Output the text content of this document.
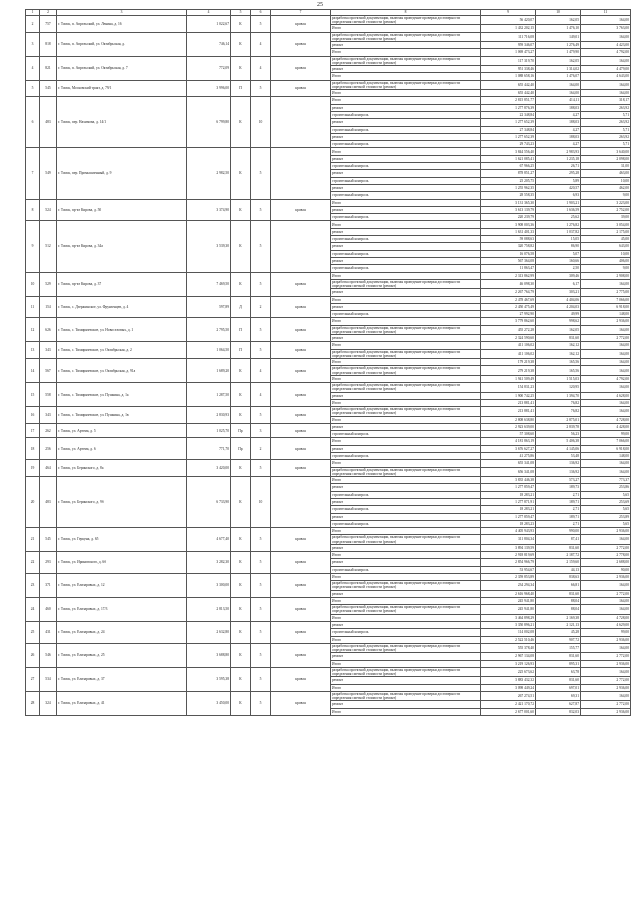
25
1	2	3	4	5	6	7	8	9	10	11
2	757	г. Томск, п. Апрельский, ул. Ленина, д. 16	1 022,67	К	5	кровля	разработка проектной документации, включая проведение проверки достоверности определения сметной стоимости (ремонт)	56 420,07	162,05	164,00
							Итого	1 432 202,15	1 476,10	3 763,00
3	818	г. Томск, п. Апрельский, ул. Октябрьская, д.	746,14	К	4	кровля	разработка проектной документации, включая проведение проверки достоверности определения сметной стоимости (ремонт)	111 716,08	149,01	164,00
							ремонт	959 346,07	1 276,49	4 423,00
							Итого	1 069 473,27	1 479,90	4 792,00
4	821	г. Томск, п. Апрельский, ул. Октябрьская, д. 7	772,09	К	4	кровля	разработка проектной документации, включая проведение проверки достоверности определения сметной стоимости (ремонт)	117 319,70	162,05	164,00
							ремонт	951 338,46	1 314,02	4 479,00
							Итого	1 088 658,16	1 476,07	4 643,00
5	545	г. Томск, Московский тракт, д. 79/1	3 996,00	П	5	кровля	разработка проектной документации, включая проведение проверки достоверности определения сметной стоимости (ремонт)	655 442,40	164,00	164,00
							Итого	655 442,40	164,00	164,00
6	483	г. Томск, пер. Нахимова, д. 14/1	6 799,80	К	10		Итого	2 815 851,77	414,11	318,17
							ремонт	1 277 876,39	188,03	263,92
							строительный контроль	22 348,84	4,27	5,71
							ремонт	1 277 652,39	188,03	263,92
							строительный контроль	27 348,84	4,27	5,71
							ремонт	1 277 652,39	188,03	263,92
							строительный контроль	29 743,23	4,27	5,71
7	549	г. Томск, пер. Промышленный, д. 9	2 982,50	К	5		Итого	3 844 556,40	2 983,93	3 640,00
							ремонт	1 621 085,41	1 235,18	2 098,00
							строительный контроль	67 966,25	26,71	31,00
							ремонт	878 851,27	295,28	463,00
							строительный контроль	25 205,75	5,89	10,00
							ремонт	1 255 962,35	420,57	462,00
							строительный контроль	28 558,35	6,93	9,00
8	524	г. Томск, пр-кт Кирова, д. 50	3 374,90	К	5	кровля	Итого	3 131 365,30	1 903,21	3 223,00
							ремонт	3 613 139,79	1 636,59	2 752,00
							строительный контроль	220 239,79	25,62	39,00
9	512	г. Томск, пр-кт Кирова, д. 34а	3 539,30	К	5		Итого	3 908 003,36	1 276,82	3 054,00
							ремонт	1 631 401,33	1 037,82	2 175,00
							строительный контроль	59 088,63	15,05	45,00
							ремонт	320 758,82	86,90	643,00
							строительный контроль	16 076,58	5,07	10,00
							ремонт	567 364,08	160,66	406,00
							строительный контроль	11 863,47	2,50	9,00
10	529	г. Томск, пр-кт Кирова, д. 37	7 469,50	К	5	кровля	Итого	2 313 862,99	309,46	2 908,00
							разработка проектной документации, включая проведение проверки достоверности определения сметной стоимости (ремонт)	46 098,30	6,17	164,00
							ремонт	2 267 764,79	303,21	2 775,00
11	154	г. Томск, с. Дзержинское, ул. Фрунзенцев, д. 4	597,89	Д	2	кровля	Итого	2 478 467,69	4 404,06	7 066,00
							ремонт	2 450 475,49	4 204,03	6 918,00
							строительный контроль	27 992,90	49,99	148,00
12	626	г. Томск, с. Тимирязевское, ул. Новоселовых, д. 1	2 795,50	П	5	кровля	Итого	3 779 862,60	998,62	2 936,00
							разработка проектной документации, включая проведение проверки достоверности определения сметной стоимости (ремонт)	455 272,28	162,05	164,00
							ремонт	2 324 590,60	831,60	2 772,00
13	343	г. Томск, с. Тимирязевское, ул. Октябрьская, д. 2	1 064,50	П	5	кровля	Итого	411 106,02	162,12	164,00
							разработка проектной документации, включая проведение проверки достоверности определения сметной стоимости (ремонт)	411 106,02	162,12	164,00
14	567	г. Томск, с. Тимирязевское, ул. Октябрьская, д. 91а	1 689,20	К	4	кровля	Итого	179 219,38	165,56	164,00
							разработка проектной документации, включая проведение проверки достоверности определения сметной стоимости (ремонт)	279 219,38	165,56	164,00
							Итого	1 941 509,49	1 515,03	4 792,00
15	558	г. Томск, с. Тимирязевское, ул. Пушкина, д. 1а	1 287,50	К	4	кровля	разработка проектной документации, включая проведение проверки достоверности определения сметной стоимости (ремонт)	154 831,23	120,95	164,00
							ремонт	1 900 742,25	1 394,70	4 628,00
							Итого	213 881,41	76,82	164,00
16	343	г. Томск, с. Тимирязевское, ул. Пушкина, д. 1в	2 830,93	К	5	кровля	разработка проектной документации, включая проведение проверки достоверности определения сметной стоимости (ремонт)	213 881,41	76,82	164,00
							Итого	2 808 638,80	2 875,01	4 728,00
17	262	г. Томск, ул. Артема, д. 5	1 025,70	Пр	3	кровля	ремонт	2 923 639,00	2 839,78	4 428,00
							строительный контроль	57 308,60	56,23	99,00
18	256	г. Томск, ул. Артема, д. 6	771,70	Пр	2	кровля	Итого	4 181 863,19	5 406,38	7 066,00
							ремонт	3 676 627,27	4 145,06	6 918,00
							строительный контроль	41 275,86	53,48	148,00
19	464	г. Томск, ул. Беринского, д. 8а	3 420,00	К	5	кровля	Итого	655 341,08	136,92	164,00
							разработка проектной документации, включая проведение проверки достоверности определения сметной стоимости (ремонт)	656 341,08	136,92	164,00
20	483	г. Томск, ул. Беринского, д. 9б	6 733,90	К	10		Итого	3 835 446,38	573,27	773,37
							ремонт	1 277 859,47	189,73	253,86
							строительный контроль	18 283,21	2,71	5,65
							ремонт	1 277 871,91	189,71	253,69
							строительный контроль	18 283,21	2,71	5,65
							ремонт	1 277 859,47	189,71	253,89
							строительный контроль	18 283,23	2,71	5,65
21	545	г. Томск, ул. Герцена, д. 65	4 677,40	К	5	кровля	Итого	4 405 943,93	990,00	2 936,00
							разработка проектной документации, включая проведение проверки достоверности определения сметной стоимости (ремонт)	311 804,34	87,41	164,00
							ремонт	3 894 139,59	831,60	2 772,00
22	293	г. Томск, ул. Ириновского, д. 6б	3 282,30	К	5	кровля	Итого	2 918 819,69	2 187,72	2 778,00
							ремонт	2 854 966,79	2 159,60	2 688,00
							строительный контроль	53 954,67	44,13	90,00
23	371	г. Томск, ул. Елизаровых, д. 12	3 300,00	К	5	кровля	Итого	2 359 853,89	838,63	2 936,00
							разработка проектной документации, включая проведение проверки достоверности определения сметной стоимости (ремонт)	234 294,34	66,81	164,00
							ремонт	2 616 968,40	831,60	2 772,00
24	460	г. Томск, ул. Елизаровых, д. 17/3	2 813,50	К	5	кровля	Итого	245 941,80	88,04	164,00
							разработка проектной документации, включая проведение проверки достоверности определения сметной стоимости (ремонт)	245 941,80	88,04	164,00
							Итого	3 464 898,29	2 169,38	4 728,00
25	431	г. Томск, ул. Елизаровых, д. 24	2 632,80	К	5	кровля	ремонт	3 350 896,21	2 121,13	4 629,00
							строительный контроль	114 002,08	45,28	99,00
							Итого	2 522 510,46	907,72	2 936,00
26	546	г. Томск, ул. Елизаровых, д. 25	3 688,80	К	5	кровля	разработка проектной документации, включая проведение проверки достоверности определения сметной стоимости (ремонт)	555 378,40	155,77	164,00
							ремонт	2 967 134,08	831,60	2 772,00
							Итого	3 219 126,93	895,31	2 936,00
27	534	г. Томск, ул. Елизаровых, д. 37	3 595,38	К	5	кровля	разработка проектной документации, включая проведение проверки достоверности определения сметной стоимости (ремонт)	225 673,62	63,78	164,00
							ремонт	3 883 432,32	831,60	2 772,00
							Итого	3 098 449,24	697,01	2 936,00
28	324	г. Томск, ул. Елизаровых, д. 41	3 450,00	К	5	кровля	разработка проектной документации, включая проведение проверки достоверности определения сметной стоимости (ремонт)	267 274,51	69,31	164,00
							ремонт	2 421 170,72	627,87	2 772,00
							Итого	2 677 001,60	832,03	2 936,00
